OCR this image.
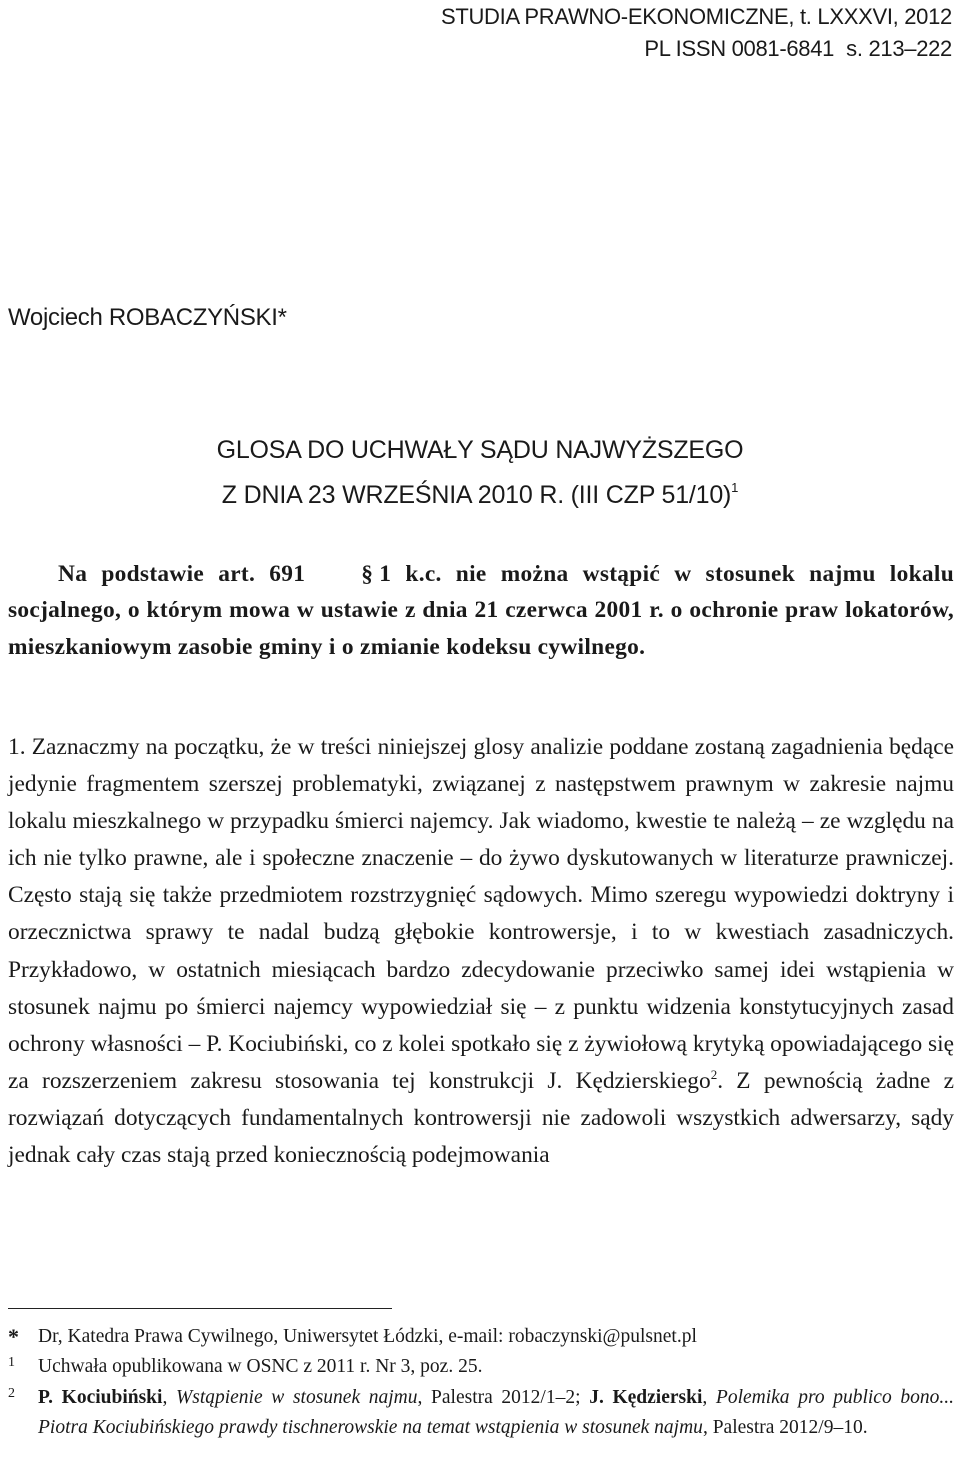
STUDIA PRAWNO-EKONOMICZNE, t. LXXXVI, 2012
PL ISSN 0081-6841 s. 213–222
Wojciech ROBACZYŃSKI*
GLOSA DO UCHWAŁY SĄDU NAJWYŻSZEGO
Z DNIA 23 WRZEŚNIA 2010 R. (III CZP 51/10)$^1$
Na podstawie art. 691 § 1 k.c. nie można wstąpić w stosunek najmu lokalu socjalnego, o którym mowa w ustawie z dnia 21 czerwca 2001 r. o ochronie praw lokatorów, mieszkaniowym zasobie gminy i o zmianie kodeksu cywilnego.
1. Zaznaczmy na początku, że w treści niniejszej glosy analizie poddane zostaną zagadnienia będące jedynie fragmentem szerszej problematyki, związanej z następstwem prawnym w zakresie najmu lokalu mieszkalnego w przypadku śmierci najemcy. Jak wiadomo, kwestie te należą – ze względu na ich nie tylko prawne, ale i społeczne znaczenie – do żywo dyskutowanych w literaturze prawniczej. Często stają się także przedmiotem rozstrzygnięć sądowych. Mimo szeregu wypowiedzi doktryny i orzecznictwa sprawy te nadal budzą głębokie kontrowersje, i to w kwestiach zasadniczych. Przykładowo, w ostatnich miesiącach bardzo zdecydowanie przeciwko samej idei wstąpienia w stosunek najmu po śmierci najemcy wypowiedział się – z punktu widzenia konstytucyjnych zasad ochrony własności – P. Kociubiński, co z kolei spotkało się z żywiołową krytyką opowiadającego się za rozszerzeniem zakresu stosowania tej konstrukcji J. Kędzierskiego$^2$. Z pewnością żadne z rozwiązań dotyczących fundamentalnych kontrowersji nie zadowoli wszystkich adwersarzy, sądy jednak cały czas stają przed koniecznością podejmowania
* Dr, Katedra Prawa Cywilnego, Uniwersytet Łódzki, e-mail: robaczynski@pulsnet.pl
1	Uchwała opublikowana w OSNC z 2011 r. Nr 3, poz. 25.
2	P. Kociubiński, Wstąpienie w stosunek najmu, Palestra 2012/1–2; J. Kędzierski, Polemika pro publico bono... Piotra Kociubińskiego prawdy tischnerowskie na temat wstąpienia w stosunek najmu, Palestra 2012/9–10.
